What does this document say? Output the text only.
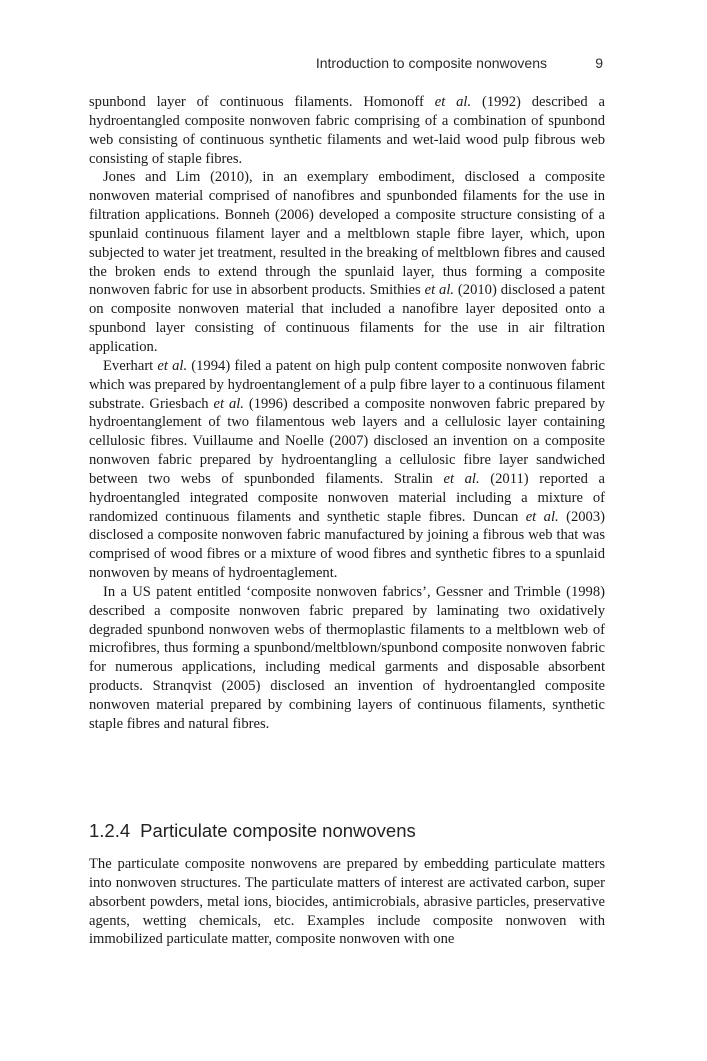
Introduction to composite nonwovens	9

spunbond layer of continuous filaments. Homonoff et al. (1992) described a hydroentangled composite nonwoven fabric comprising of a combination of spunbond web consisting of continuous synthetic filaments and wet-laid wood pulp fibrous web consisting of staple fibres.

Jones and Lim (2010), in an exemplary embodiment, disclosed a composite nonwoven material comprised of nanofibres and spunbonded filaments for the use in filtration applications. Bonneh (2006) developed a composite structure consisting of a spunlaid continuous filament layer and a meltblown staple fibre layer, which, upon subjected to water jet treatment, resulted in the breaking of meltblown fibres and caused the broken ends to extend through the spunlaid layer, thus forming a composite nonwoven fabric for use in absorbent products. Smithies et al. (2010) disclosed a patent on composite nonwoven material that included a nanofibre layer deposited onto a spunbond layer consisting of continuous filaments for the use in air filtration application.

Everhart et al. (1994) filed a patent on high pulp content composite nonwoven fabric which was prepared by hydroentanglement of a pulp fibre layer to a continuous filament substrate. Griesbach et al. (1996) described a composite nonwoven fabric prepared by hydroentanglement of two filamentous web layers and a cellulosic layer containing cellulosic fibres. Vuillaume and Noelle (2007) disclosed an invention on a composite nonwoven fabric prepared by hydroentangling a cellulosic fibre layer sandwiched between two webs of spunbonded filaments. Stralin et al. (2011) reported a hydroentangled integrated composite nonwoven material including a mixture of randomized continuous filaments and synthetic staple fibres. Duncan et al. (2003) disclosed a composite nonwoven fabric manufactured by joining a fibrous web that was comprised of wood fibres or a mixture of wood fibres and synthetic fibres to a spunlaid nonwoven by means of hydroentaglement.

In a US patent entitled ‘composite nonwoven fabrics’, Gessner and Trimble (1998) described a composite nonwoven fabric prepared by laminating two oxidatively degraded spunbond nonwoven webs of thermoplastic filaments to a meltblown web of microfibres, thus forming a spunbond/meltblown/spunbond composite nonwoven fabric for numerous applications, including medical garments and disposable absorbent products. Stranqvist (2005) disclosed an invention of hydroentangled composite nonwoven material prepared by combining layers of continuous filaments, synthetic staple fibres and natural fibres.

1.2.4 Particulate composite nonwovens

The particulate composite nonwovens are prepared by embedding particulate matters into nonwoven structures. The particulate matters of interest are activated carbon, super absorbent powders, metal ions, biocides, antimicrobials, abrasive particles, preservative agents, wetting chemicals, etc. Examples include composite nonwoven with immobilized particulate matter, composite nonwoven with one
